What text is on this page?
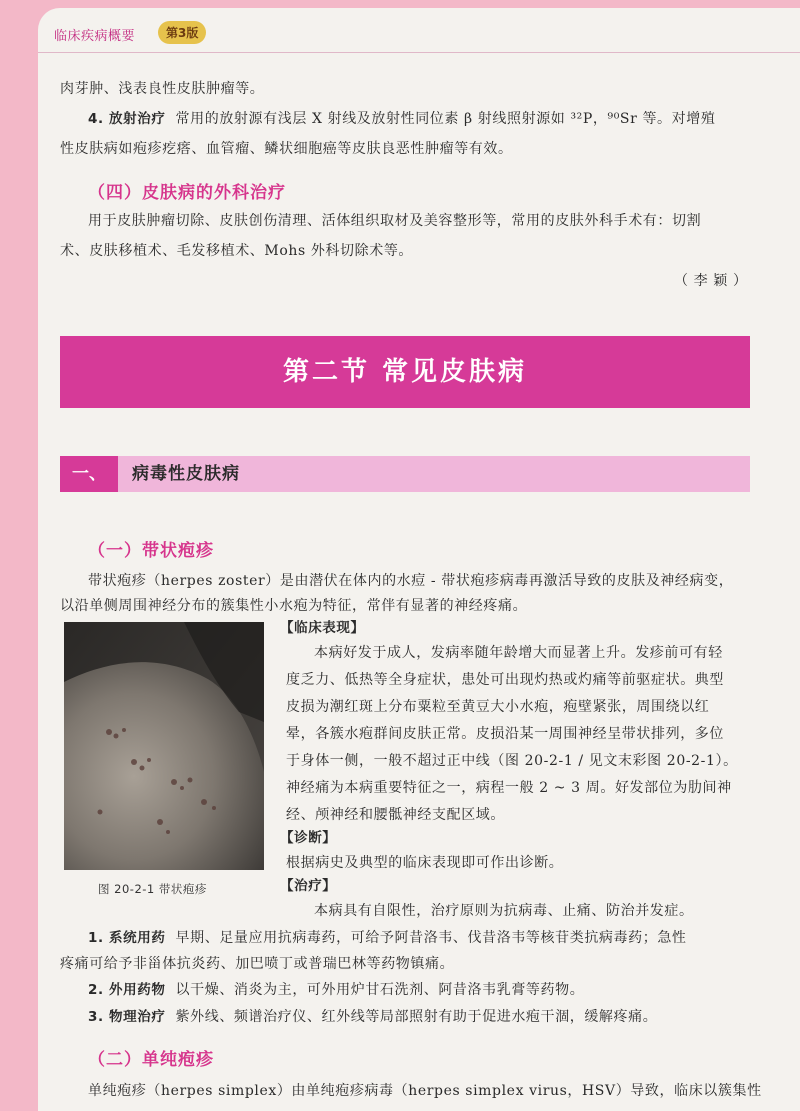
临床疾病概要	第3版

肉芽肿、浅表良性皮肤肿瘤等。

4. 放射治疗 常用的放射源有浅层 X 射线及放射性同位素 β 射线照射源如 ³²P，⁹⁰Sr 等。对增殖

性皮肤病如疱疹疙瘩、血管瘤、鳞状细胞癌等皮肤良恶性肿瘤等有效。

（四）皮肤病的外科治疗

用于皮肤肿瘤切除、皮肤创伤清理、活体组织取材及美容整形等，常用的皮肤外科手术有：切割

术、皮肤移植术、毛发移植术、Mohs 外科切除术等。

（ 李 颖 ）

第二节 常见皮肤病
一、	病毒性皮肤病
（一）带状疱疹

带状疱疹（herpes zoster）是由潜伏在体内的水痘 - 带状疱疹病毒再激活导致的皮肤及神经病变，

以沿单侧周围神经分布的簇集性小水疱为特征，常伴有显著的神经疼痛。

图 20-2-1 带状疱疹

【临床表现】

本病好发于成人，发病率随年龄增大而显著上升。发疹前可有轻

度乏力、低热等全身症状，患处可出现灼热或灼痛等前驱症状。典型

皮损为潮红斑上分布粟粒至黄豆大小水疱，疱壁紧张，周围绕以红

晕，各簇水疱群间皮肤正常。皮损沿某一周围神经呈带状排列，多位

于身体一侧，一般不超过正中线（图 20-2-1 / 见文末彩图 20-2-1）。

神经痛为本病重要特征之一，病程一般 2 ~ 3 周。好发部位为肋间神

经、颅神经和腰骶神经支配区域。

【诊断】

根据病史及典型的临床表现即可作出诊断。

【治疗】

本病具有自限性，治疗原则为抗病毒、止痛、防治并发症。

1. 系统用药 早期、足量应用抗病毒药，可给予阿昔洛韦、伐昔洛韦等核苷类抗病毒药；急性

疼痛可给予非甾体抗炎药、加巴喷丁或普瑞巴林等药物镇痛。

2. 外用药物 以干燥、消炎为主，可外用炉甘石洗剂、阿昔洛韦乳膏等药物。

3. 物理治疗 紫外线、频谱治疗仪、红外线等局部照射有助于促进水疱干涸，缓解疼痛。

（二）单纯疱疹

单纯疱疹（herpes simplex）由单纯疱疹病毒（herpes simplex virus，HSV）导致，临床以簇集性
